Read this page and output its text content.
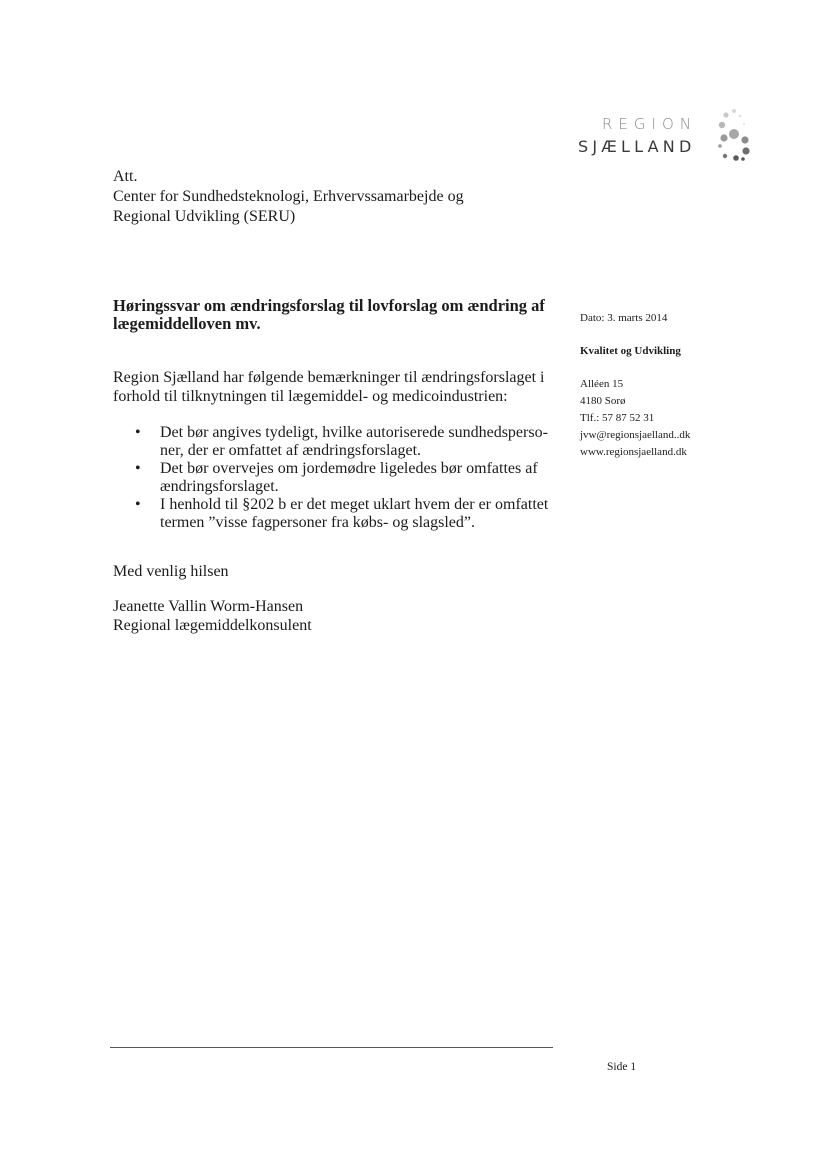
REGION
SJÆLLAND
Att.
Center for Sundhedsteknologi, Erhvervssamarbejde og
Regional Udvikling (SERU)
Høringssvar om ændringsforslag til lovforslag om ændring af lægemiddelloven mv.	Dato: 3. marts 2014
Kvalitet og Udvikling
Alléen 15
4180 Sorø
Tlf.: 57 87 52 31
jvw@regionsjaelland..dk
www.regionsjaelland.dk
Region Sjælland har følgende bemærkninger til ændringsforslaget i forhold til tilknytningen til lægemiddel- og medicoindustrien:
• Det bør angives tydeligt, hvilke autoriserede sundhedspersoner, der er omfattet af ændringsforslaget.
• Det bør overvejes om jordemødre ligeledes bør omfattes af ændringsforslaget.
• I henhold til §202 b er det meget uklart hvem der er omfattet termen ”visse fagpersoner fra købs- og slagsled”.
Med venlig hilsen
Jeanette Vallin Worm-Hansen
Regional lægemiddelkonsulent
Side 1
